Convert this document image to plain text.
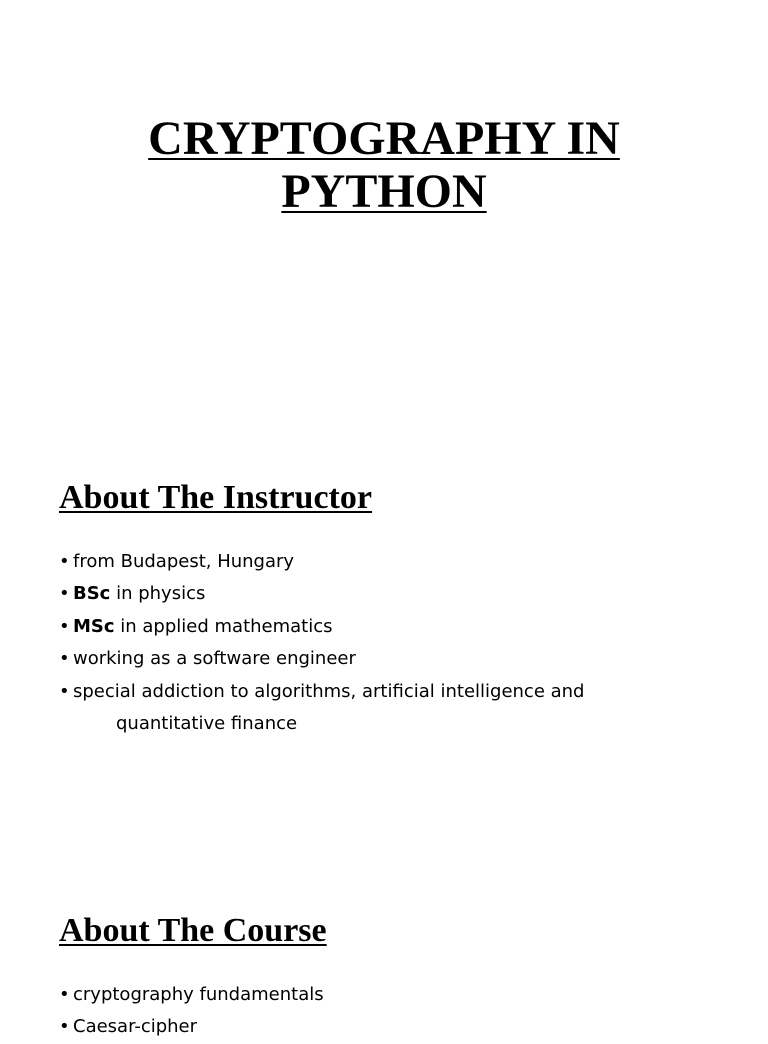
CRYPTOGRAPHY IN
PYTHON
About The Instructor
• from Budapest, Hungary
• BSc in physics
• MSc in applied mathematics
• working as a software engineer
• special addiction to algorithms, artificial intelligence and
quantitative finance
About The Course
• cryptography fundamentals
• Caesar-cipher
